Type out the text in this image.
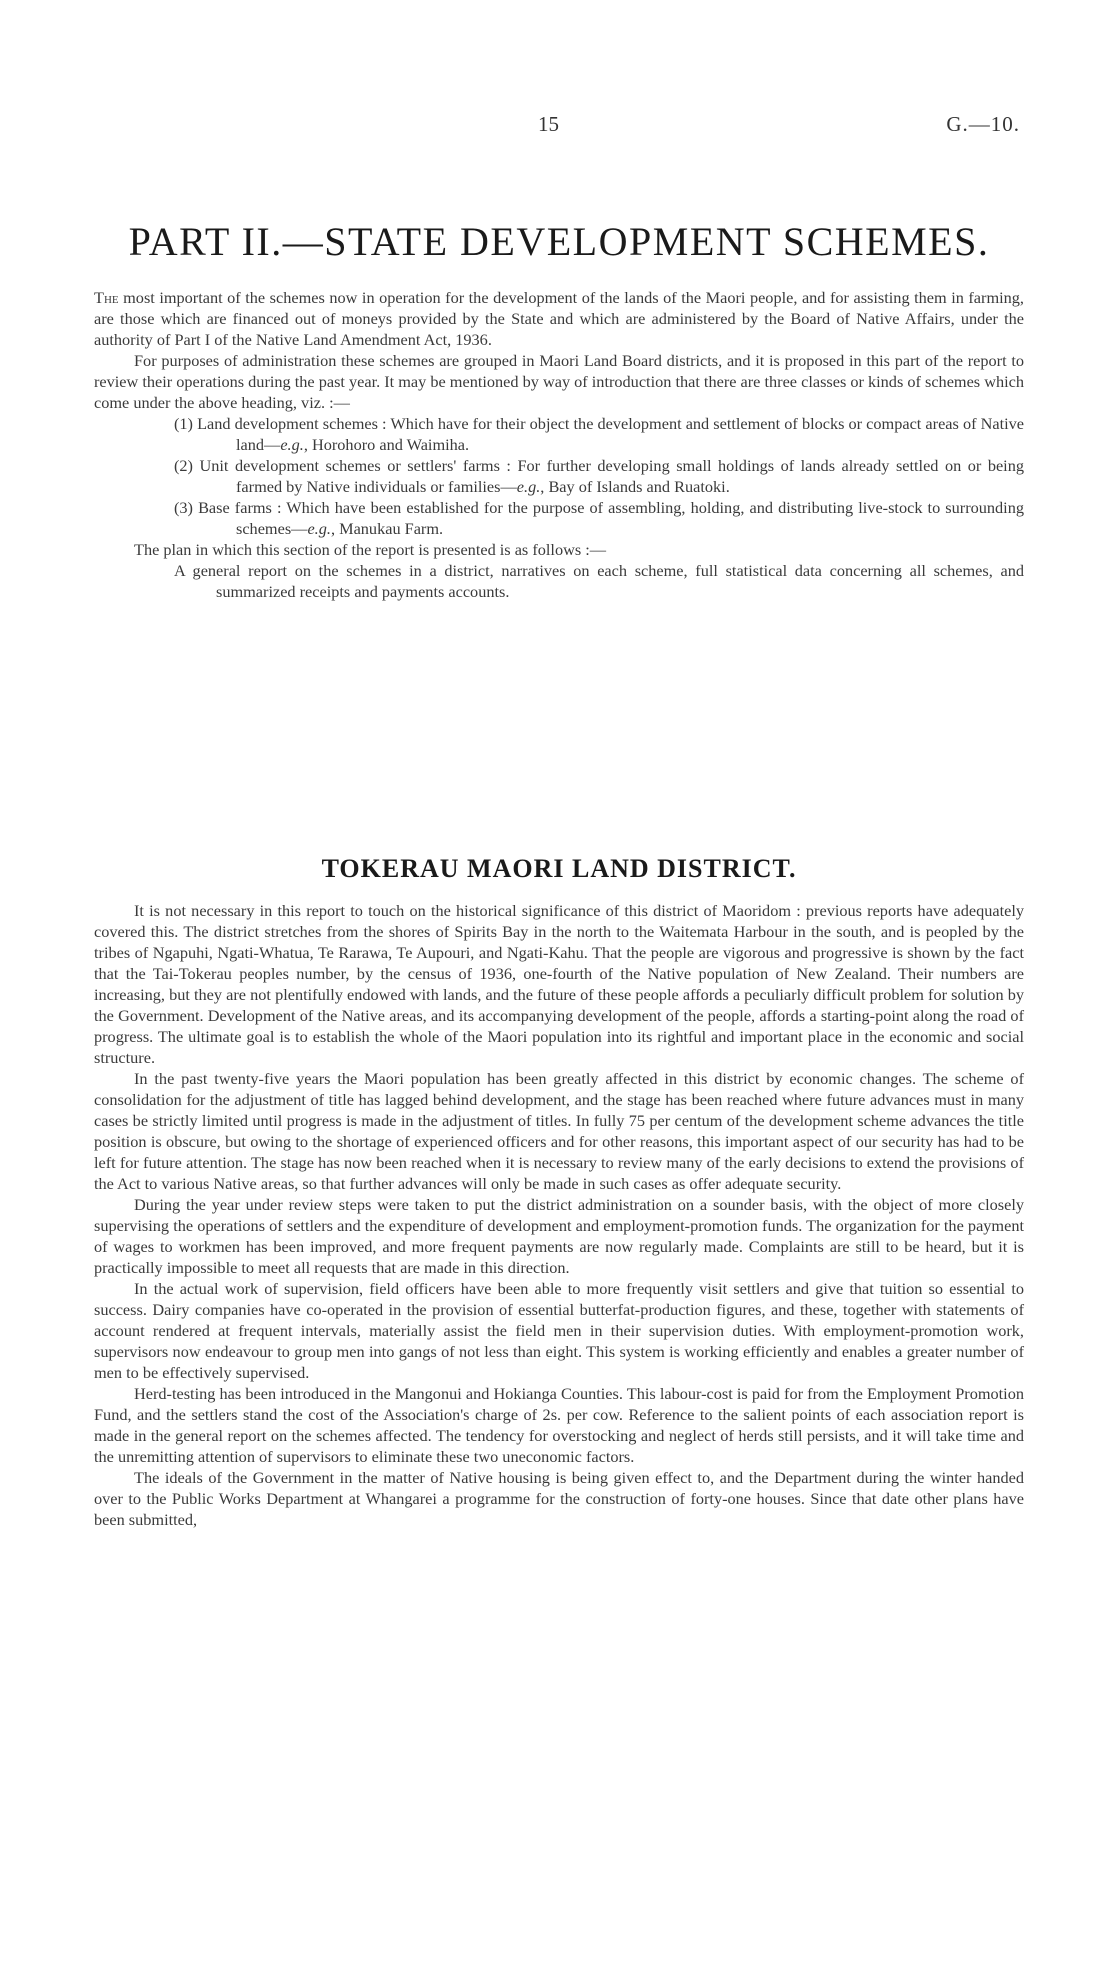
15	G.—10.
PART II.—STATE DEVELOPMENT SCHEMES.

The most important of the schemes now in operation for the development of the lands of the Maori people, and for assisting them in farming, are those which are financed out of moneys provided by the State and which are administered by the Board of Native Affairs, under the authority of Part I of the Native Land Amendment Act, 1936.

For purposes of administration these schemes are grouped in Maori Land Board districts, and it is proposed in this part of the report to review their operations during the past year. It may be mentioned by way of introduction that there are three classes or kinds of schemes which come under the above heading, viz. :—

(1) Land development schemes : Which have for their object the development and settlement of blocks or compact areas of Native land—e.g., Horohoro and Waimiha.
(2) Unit development schemes or settlers' farms : For further developing small holdings of lands already settled on or being farmed by Native individuals or families—e.g., Bay of Islands and Ruatoki.
(3) Base farms : Which have been established for the purpose of assembling, holding, and distributing live-stock to surrounding schemes—e.g., Manukau Farm.

The plan in which this section of the report is presented is as follows :—

A general report on the schemes in a district, narratives on each scheme, full statistical data concerning all schemes, and summarized receipts and payments accounts.

TOKERAU MAORI LAND DISTRICT.

It is not necessary in this report to touch on the historical significance of this district of Maoridom : previous reports have adequately covered this. The district stretches from the shores of Spirits Bay in the north to the Waitemata Harbour in the south, and is peopled by the tribes of Ngapuhi, Ngati-Whatua, Te Rarawa, Te Aupouri, and Ngati-Kahu. That the people are vigorous and progressive is shown by the fact that the Tai-Tokerau peoples number, by the census of 1936, one-fourth of the Native population of New Zealand. Their numbers are increasing, but they are not plentifully endowed with lands, and the future of these people affords a peculiarly difficult problem for solution by the Government. Development of the Native areas, and its accompanying development of the people, affords a starting-point along the road of progress. The ultimate goal is to establish the whole of the Maori population into its rightful and important place in the economic and social structure.

In the past twenty-five years the Maori population has been greatly affected in this district by economic changes. The scheme of consolidation for the adjustment of title has lagged behind development, and the stage has been reached where future advances must in many cases be strictly limited until progress is made in the adjustment of titles. In fully 75 per centum of the development scheme advances the title position is obscure, but owing to the shortage of experienced officers and for other reasons, this important aspect of our security has had to be left for future attention. The stage has now been reached when it is necessary to review many of the early decisions to extend the provisions of the Act to various Native areas, so that further advances will only be made in such cases as offer adequate security.

During the year under review steps were taken to put the district administration on a sounder basis, with the object of more closely supervising the operations of settlers and the expenditure of development and employment-promotion funds. The organization for the payment of wages to workmen has been improved, and more frequent payments are now regularly made. Complaints are still to be heard, but it is practically impossible to meet all requests that are made in this direction.

In the actual work of supervision, field officers have been able to more frequently visit settlers and give that tuition so essential to success. Dairy companies have co-operated in the provision of essential butterfat-production figures, and these, together with statements of account rendered at frequent intervals, materially assist the field men in their supervision duties. With employment-promotion work, supervisors now endeavour to group men into gangs of not less than eight. This system is working efficiently and enables a greater number of men to be effectively supervised.

Herd-testing has been introduced in the Mangonui and Hokianga Counties. This labour-cost is paid for from the Employment Promotion Fund, and the settlers stand the cost of the Association's charge of 2s. per cow. Reference to the salient points of each association report is made in the general report on the schemes affected. The tendency for overstocking and neglect of herds still persists, and it will take time and the unremitting attention of supervisors to eliminate these two uneconomic factors.

The ideals of the Government in the matter of Native housing is being given effect to, and the Department during the winter handed over to the Public Works Department at Whangarei a programme for the construction of forty-one houses. Since that date other plans have been submitted,
